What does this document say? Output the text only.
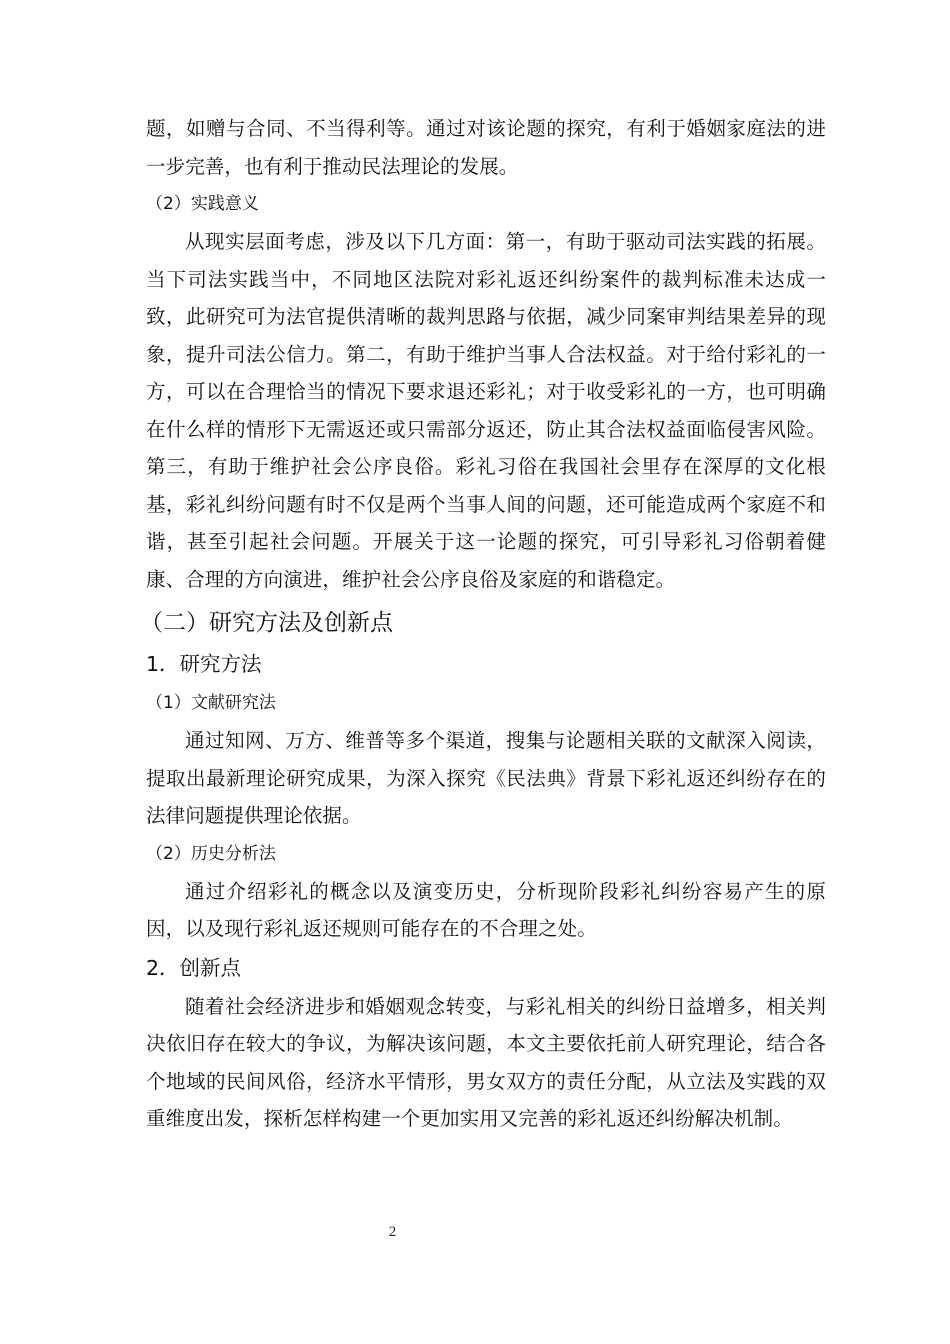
题，如赠与合同、不当得利等。通过对该论题的探究，有利于婚姻家庭法的进一步完善，也有利于推动民法理论的发展。

（2）实践意义

从现实层面考虑，涉及以下几方面：第一，有助于驱动司法实践的拓展。当下司法实践当中，不同地区法院对彩礼返还纠纷案件的裁判标准未达成一致，此研究可为法官提供清晰的裁判思路与依据，减少同案审判结果差异的现象，提升司法公信力。第二，有助于维护当事人合法权益。对于给付彩礼的一方，可以在合理恰当的情况下要求退还彩礼；对于收受彩礼的一方，也可明确在什么样的情形下无需返还或只需部分返还，防止其合法权益面临侵害风险。第三，有助于维护社会公序良俗。彩礼习俗在我国社会里存在深厚的文化根基，彩礼纠纷问题有时不仅是两个当事人间的问题，还可能造成两个家庭不和谐，甚至引起社会问题。开展关于这一论题的探究，可引导彩礼习俗朝着健康、合理的方向演进，维护社会公序良俗及家庭的和谐稳定。

（二）研究方法及创新点

1．研究方法

（1）文献研究法

通过知网、万方、维普等多个渠道，搜集与论题相关联的文献深入阅读，提取出最新理论研究成果，为深入探究《民法典》背景下彩礼返还纠纷存在的法律问题提供理论依据。

（2）历史分析法

通过介绍彩礼的概念以及演变历史，分析现阶段彩礼纠纷容易产生的原因，以及现行彩礼返还规则可能存在的不合理之处。

2．创新点

随着社会经济进步和婚姻观念转变，与彩礼相关的纠纷日益增多，相关判决依旧存在较大的争议，为解决该问题，本文主要依托前人研究理论，结合各个地域的民间风俗，经济水平情形，男女双方的责任分配，从立法及实践的双重维度出发，探析怎样构建一个更加实用又完善的彩礼返还纠纷解决机制。

2
